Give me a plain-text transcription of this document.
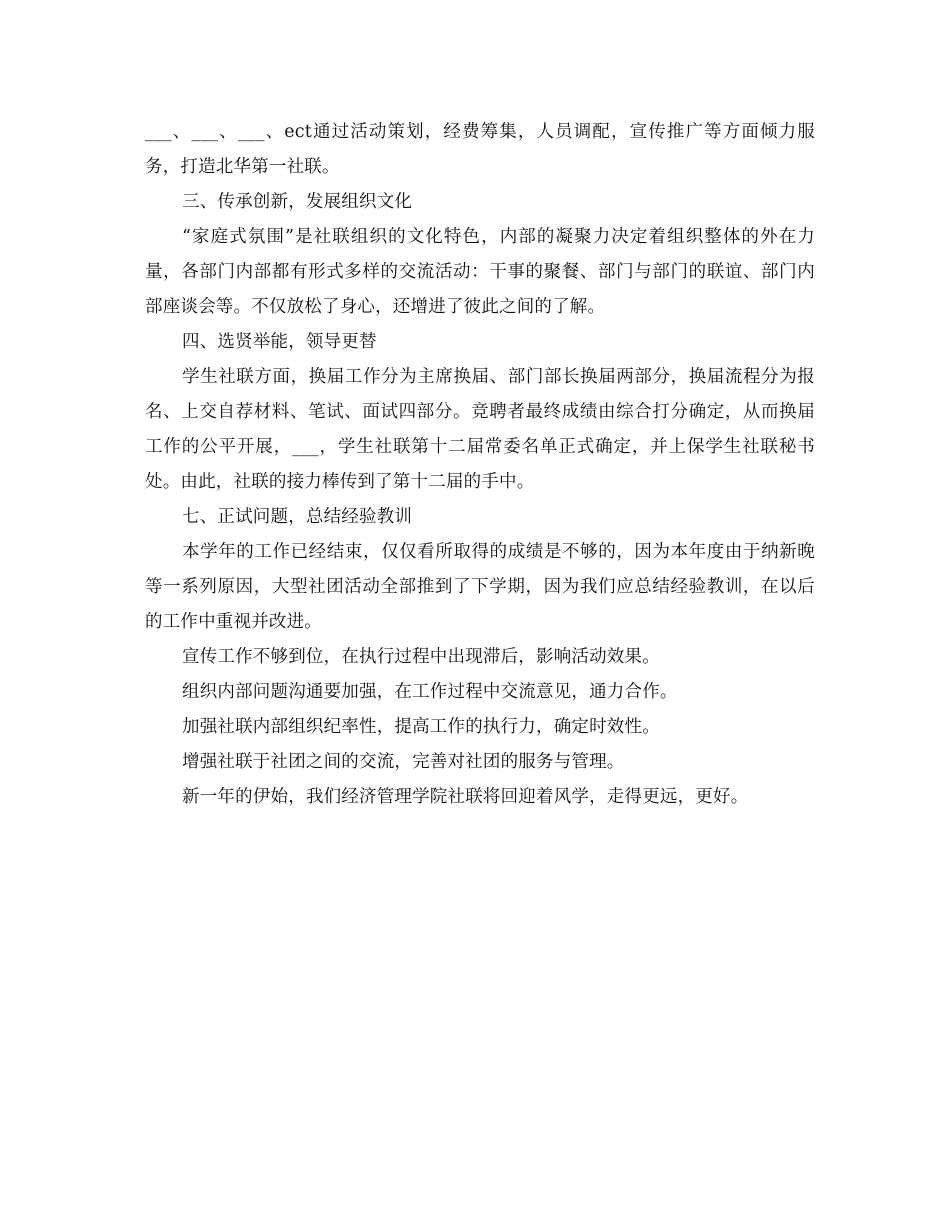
___、___、___、ect通过活动策划，经费筹集，人员调配，宣传推广等方面倾力服务，打造北华第一社联。

三、传承创新，发展组织文化

“家庭式氛围”是社联组织的文化特色，内部的凝聚力决定着组织整体的外在力量，各部门内部都有形式多样的交流活动：干事的聚餐、部门与部门的联谊、部门内部座谈会等。不仅放松了身心，还增进了彼此之间的了解。

四、选贤举能，领导更替

学生社联方面，换届工作分为主席换届、部门部长换届两部分，换届流程分为报名、上交自荐材料、笔试、面试四部分。竞聘者最终成绩由综合打分确定，从而换届工作的公平开展，___，学生社联第十二届常委名单正式确定，并上保学生社联秘书处。由此，社联的接力棒传到了第十二届的手中。

七、正试问题，总结经验教训

本学年的工作已经结束，仅仅看所取得的成绩是不够的，因为本年度由于纳新晚等一系列原因，大型社团活动全部推到了下学期，因为我们应总结经验教训，在以后的工作中重视并改进。

宣传工作不够到位，在执行过程中出现滞后，影响活动效果。

组织内部问题沟通要加强，在工作过程中交流意见，通力合作。

加强社联内部组织纪率性，提高工作的执行力，确定时效性。

增强社联于社团之间的交流，完善对社团的服务与管理。

新一年的伊始，我们经济管理学院社联将回迎着风学，走得更远，更好。
